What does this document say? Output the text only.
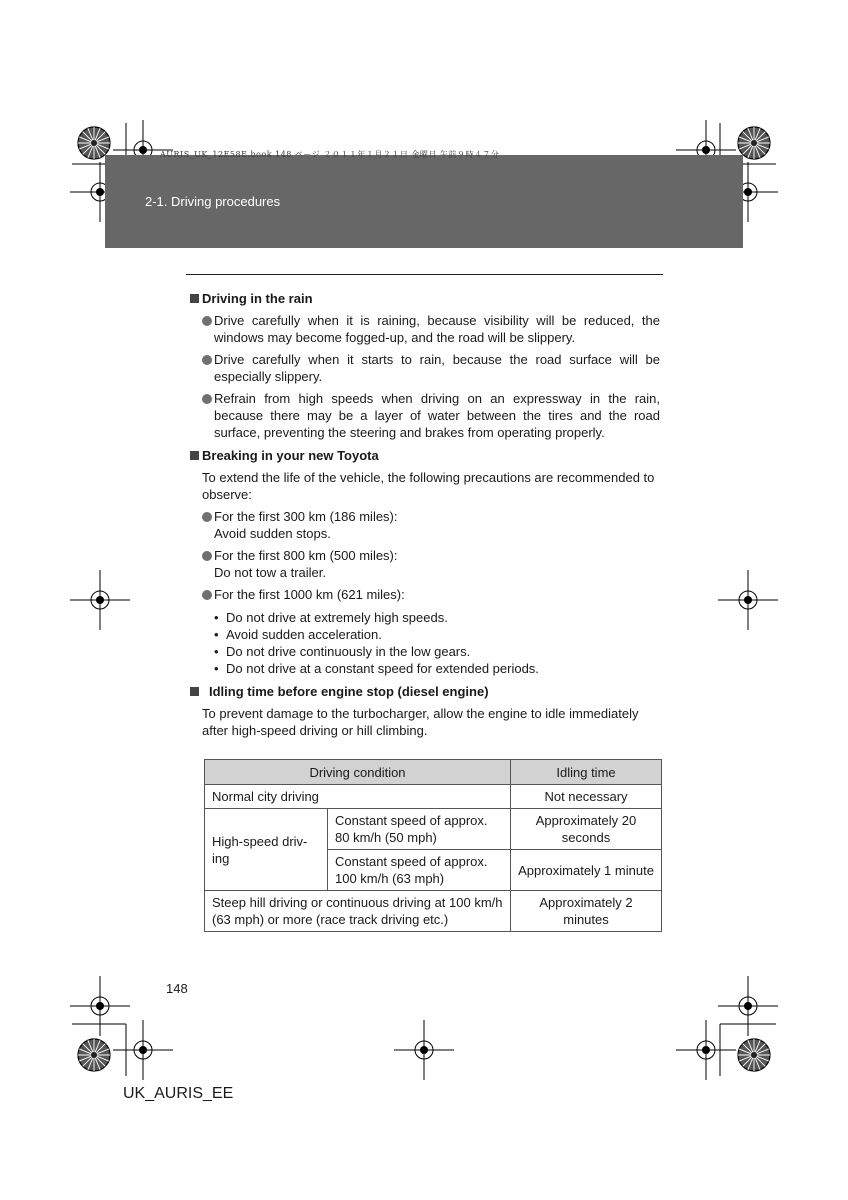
AURIS_UK_12E58E.book 148 ページ ２０１１年１月２１日 金曜日 午前９時４７分
2-1. Driving procedures
Driving in the rain

Drive carefully when it is raining, because visibility will be reduced, the windows may become fogged-up, and the road will be slippery.

Drive carefully when it starts to rain, because the road surface will be especially slippery.

Refrain from high speeds when driving on an expressway in the rain, because there may be a layer of water between the tires and the road surface, preventing the steering and brakes from operating properly.

Breaking in your new Toyota

To extend the life of the vehicle, the following precautions are recommended to observe:

For the first 300 km (186 miles):
Avoid sudden stops.

For the first 800 km (500 miles):
Do not tow a trailer.

For the first 1000 km (621 miles):

• Do not drive at extremely high speeds.
• Avoid sudden acceleration.
• Do not drive continuously in the low gears.
• Do not drive at a constant speed for extended periods.
Idling time before engine stop (diesel engine)

To prevent damage to the turbocharger, allow the engine to idle immediately after high-speed driving or hill climbing.

Driving condition		Idling time
Normal city driving		Not necessary
High-speed driv-ing	Constant speed of approx. 80 km/h (50 mph)	Approximately 20 seconds
	Constant speed of approx. 100 km/h (63 mph)	Approximately 1 minute
Steep hill driving or continuous driving at 100 km/h (63 mph) or more (race track driving etc.)		Approximately 2 minutes
148
UK_AURIS_EE
